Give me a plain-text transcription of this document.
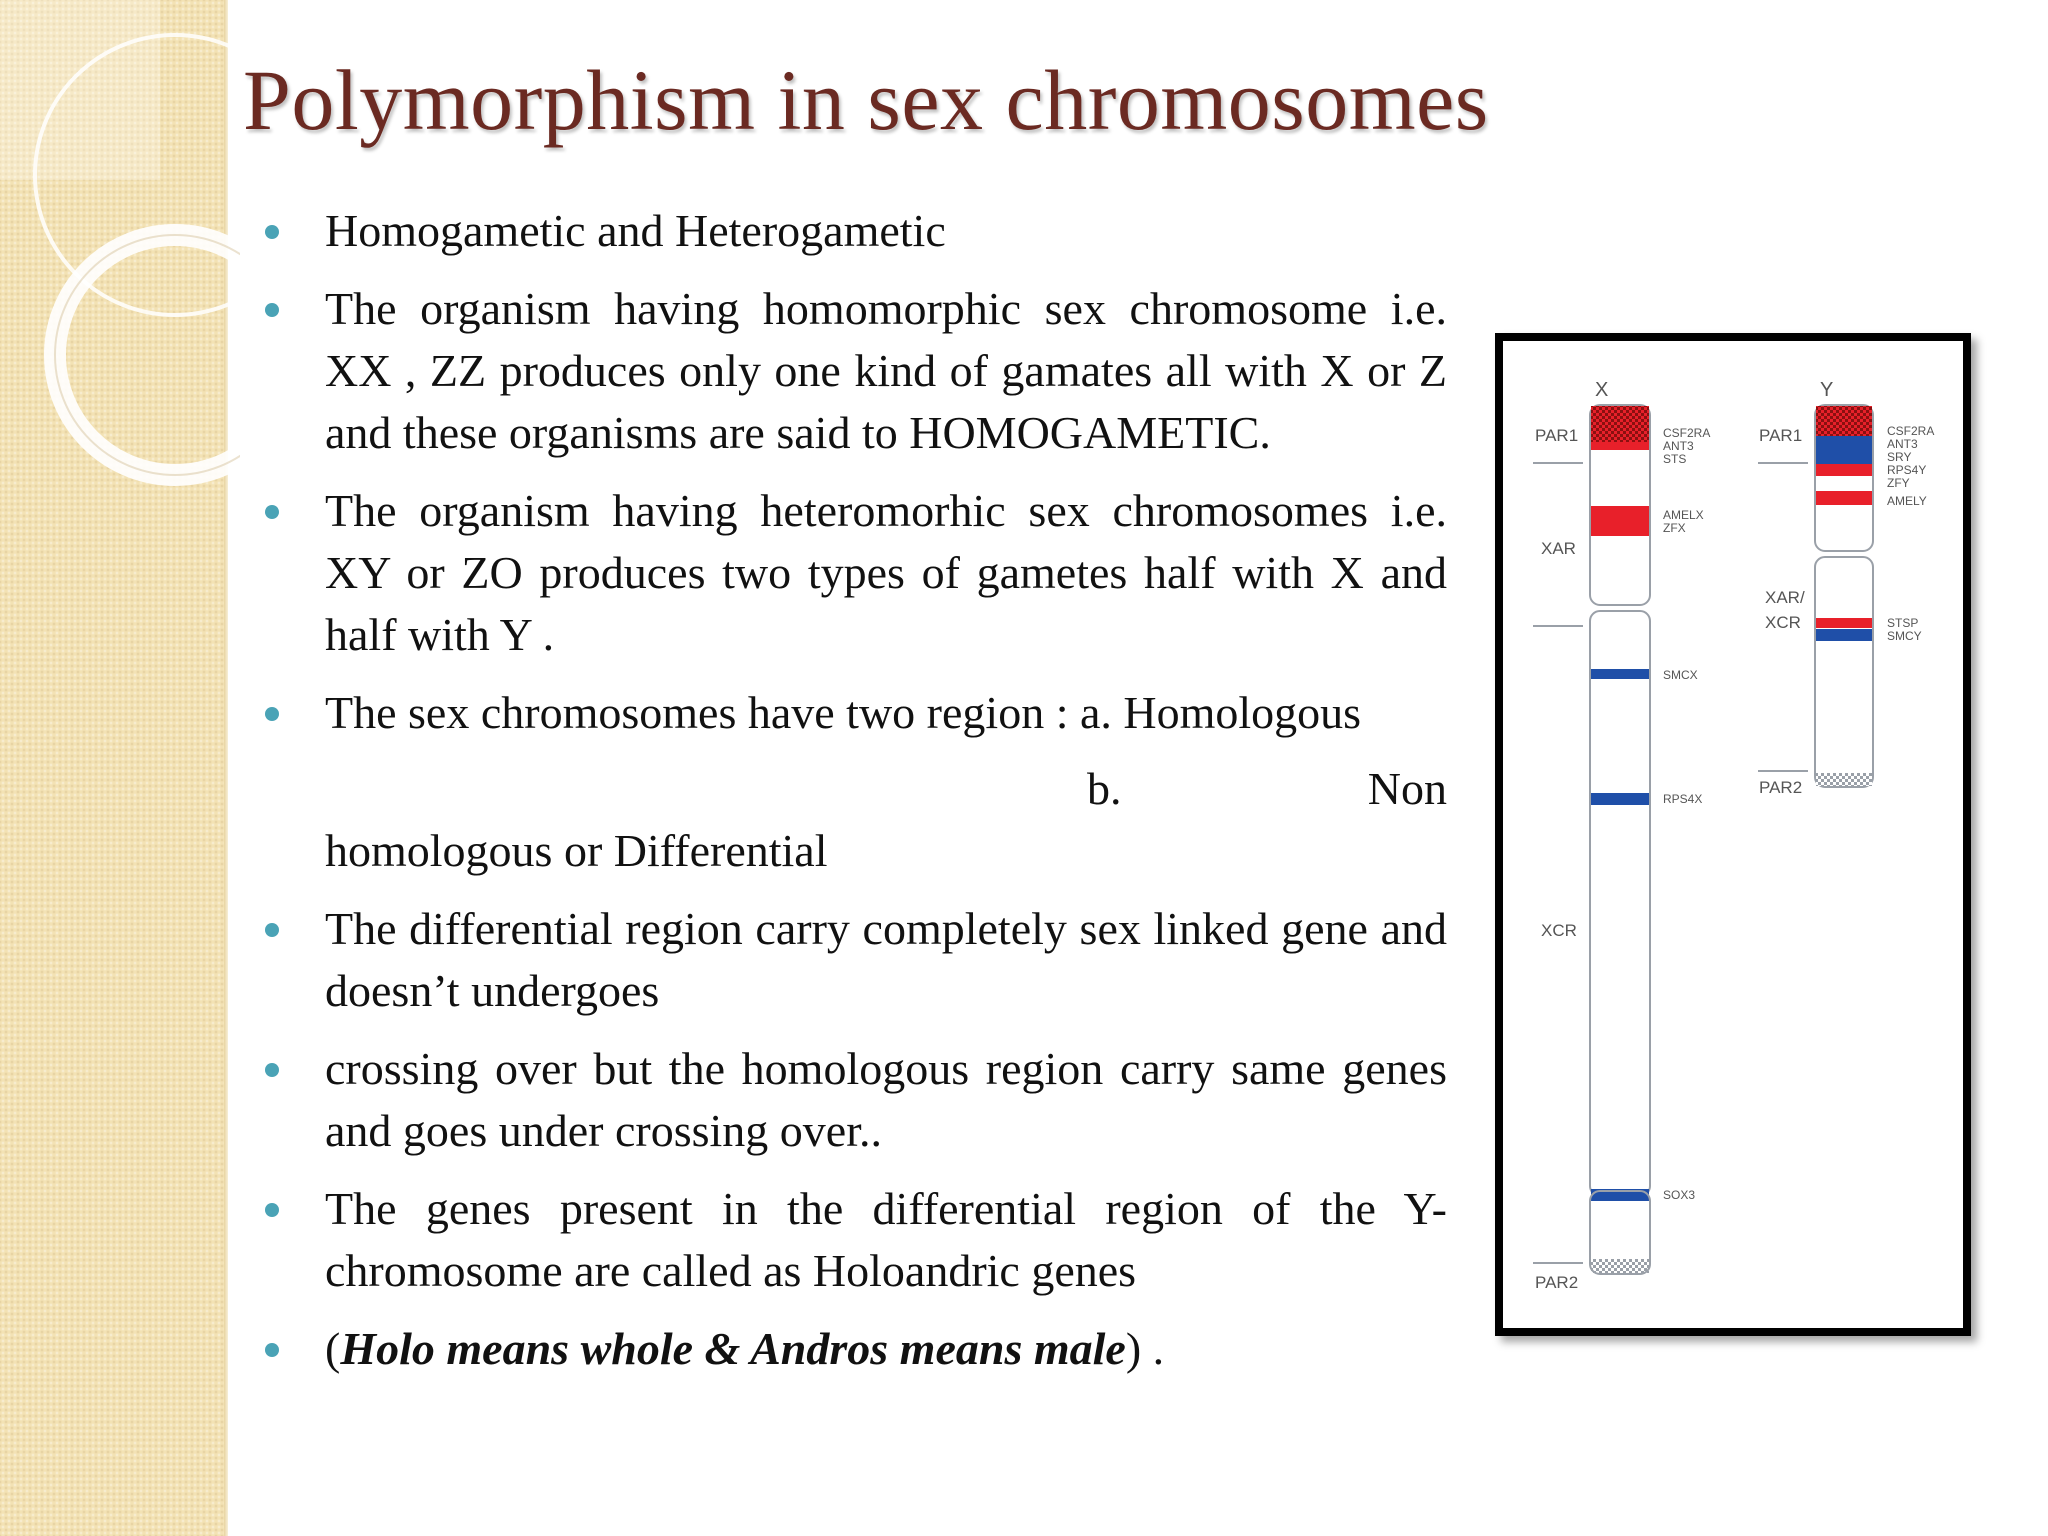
Polymorphism in sex chromosomes
Homogametic and Heterogametic
The organism having homomorphic sex chromosome i.e. XX , ZZ produces only one kind of gamates all with X or Z and these organisms are said to HOMOGAMETIC.
The organism having heteromorhic sex chromosomes i.e. XY or ZO produces two types of gametes half with X and half with Y .
The sex chromosomes have two region : a. Homologous
b. Non
homologous or Differential
The differential region carry completely sex linked gene and doesn’t undergoes
crossing over but the homologous region carry same genes and goes under crossing over..
The genes present in the differential region of the Y-chromosome are called as Holoandric genes
(Holo means whole & Andros means male) .
X
PAR1
XAR
XCR
PAR2
CSF2RA
ANT3
STS
AMELX
ZFX
SMCX
RPS4X
SOX3
Y
PAR1
XAR/
XCR
PAR2
CSF2RA
ANT3
SRY
RPS4Y
ZFY
AMELY
STSP
SMCY
